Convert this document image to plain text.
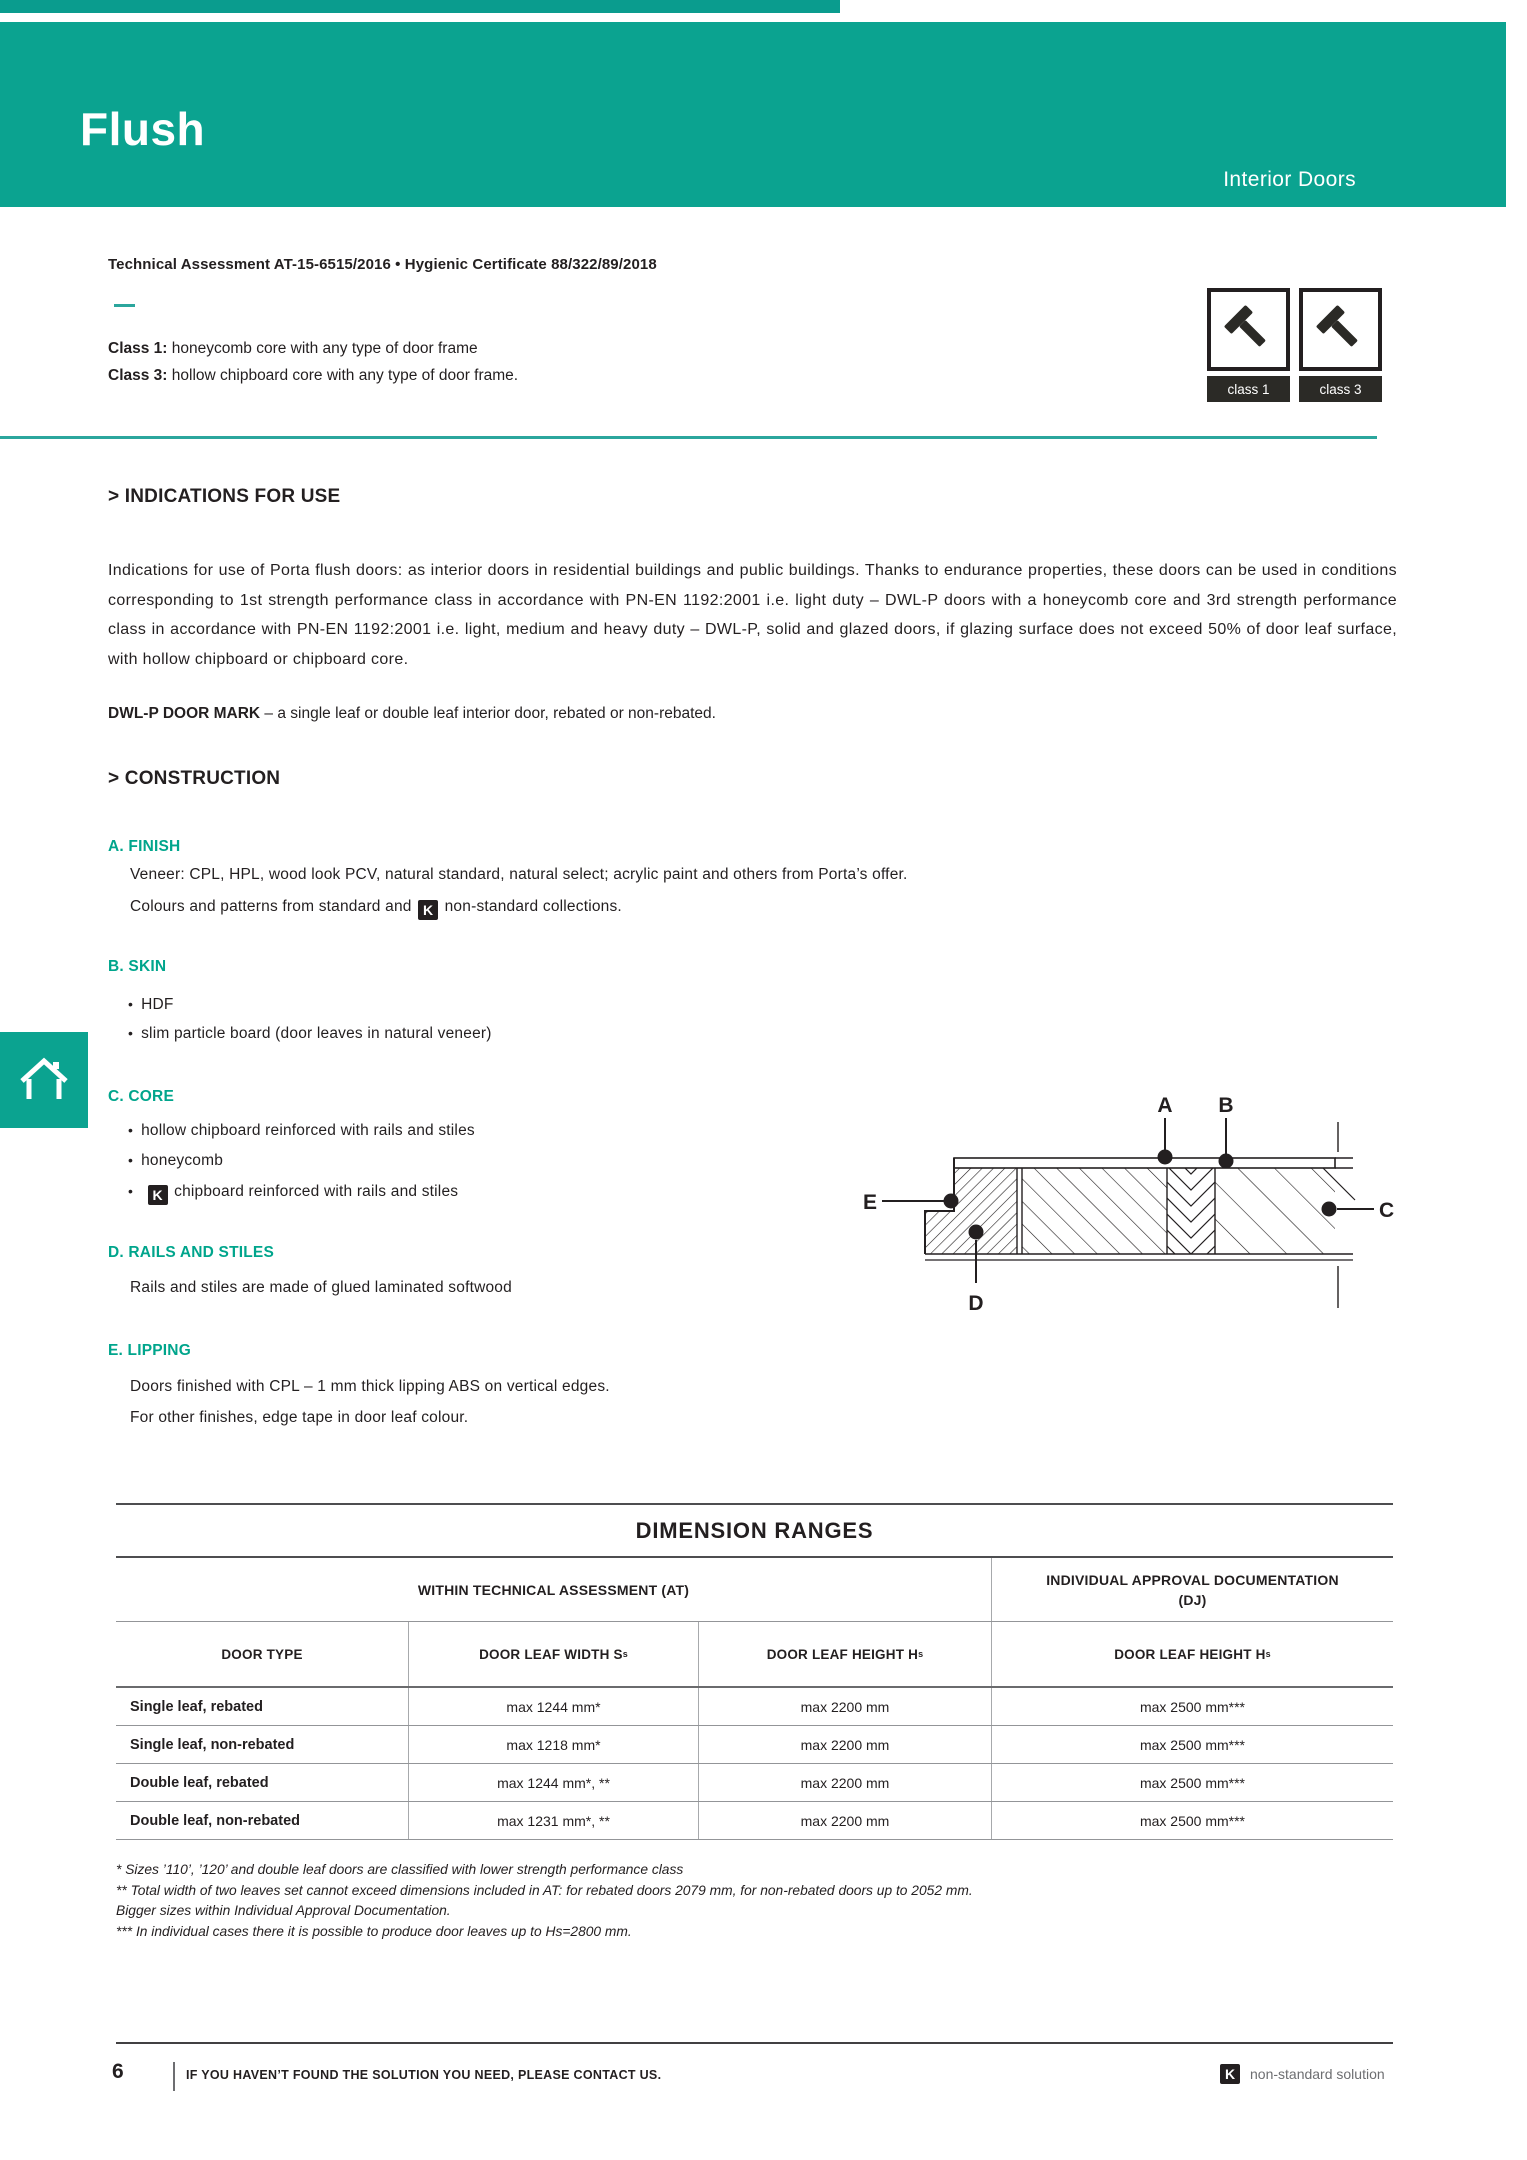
Flush
Interior Doors
Technical Assessment AT-15-6515/2016 • Hygienic Certificate 88/322/89/2018
Class 1: honeycomb core with any type of door frame
Class 3: hollow chipboard core with any type of door frame.
class 1	class 3
> INDICATIONS FOR USE
Indications for use of Porta flush doors: as interior doors in residential buildings and public buildings. Thanks to endurance properties, these doors can be used in conditions corresponding to 1st strength performance class in accordance with PN-EN 1192:2001 i.e. light duty – DWL-P doors with a honeycomb core and 3rd strength performance class in accordance with PN-EN 1192:2001 i.e. light, medium and heavy duty – DWL-P, solid and glazed doors, if glazing surface does not exceed 50% of door leaf surface, with hollow chipboard or chipboard core.
DWL-P DOOR MARK – a single leaf or double leaf interior door, rebated or non-rebated.
> CONSTRUCTION
A. FINISH
Veneer: CPL, HPL, wood look PCV, natural standard, natural select; acrylic paint and others from Porta’s offer.
Colours and patterns from standard and K non-standard collections.
B. SKIN
• HDF
• slim particle board (door leaves in natural veneer)
C. CORE
• hollow chipboard reinforced with rails and stiles
• honeycomb
• K chipboard reinforced with rails and stiles
D. RAILS AND STILES
Rails and stiles are made of glued laminated softwood
E. LIPPING
Doors finished with CPL – 1 mm thick lipping ABS on vertical edges.
For other finishes, edge tape in door leaf colour.
A B
E	C
D
DIMENSION RANGES
WITHIN TECHNICAL ASSESSMENT (AT)
INDIVIDUAL APPROVAL DOCUMENTATION
(DJ)
DOOR TYPE	DOOR LEAF WIDTH S s	DOOR LEAF HEIGHT H s	DOOR LEAF HEIGHT H s
Single leaf, rebated	max 1244 mm*	max 2200 mm	max 2500 mm***
Single leaf, non-rebated	max 1218 mm*	max 2200 mm	max 2500 mm***
Double leaf, rebated	max 1244 mm*, **	max 2200 mm	max 2500 mm***
Double leaf, non-rebated	max 1231 mm*, **	max 2200 mm	max 2500 mm***
* Sizes ’110’, ’120’ and double leaf doors are classified with lower strength performance class
** Total width of two leaves set cannot exceed dimensions included in AT: for rebated doors 2079 mm, for non-rebated doors up to 2052 mm.
Bigger sizes within Individual Approval Documentation.
*** In individual cases there it is possible to produce door leaves up to Hs=2800 mm.
6	IF YOU HAVEN’T FOUND THE SOLUTION YOU NEED, PLEASE CONTACT US.	K	non-standard solution
